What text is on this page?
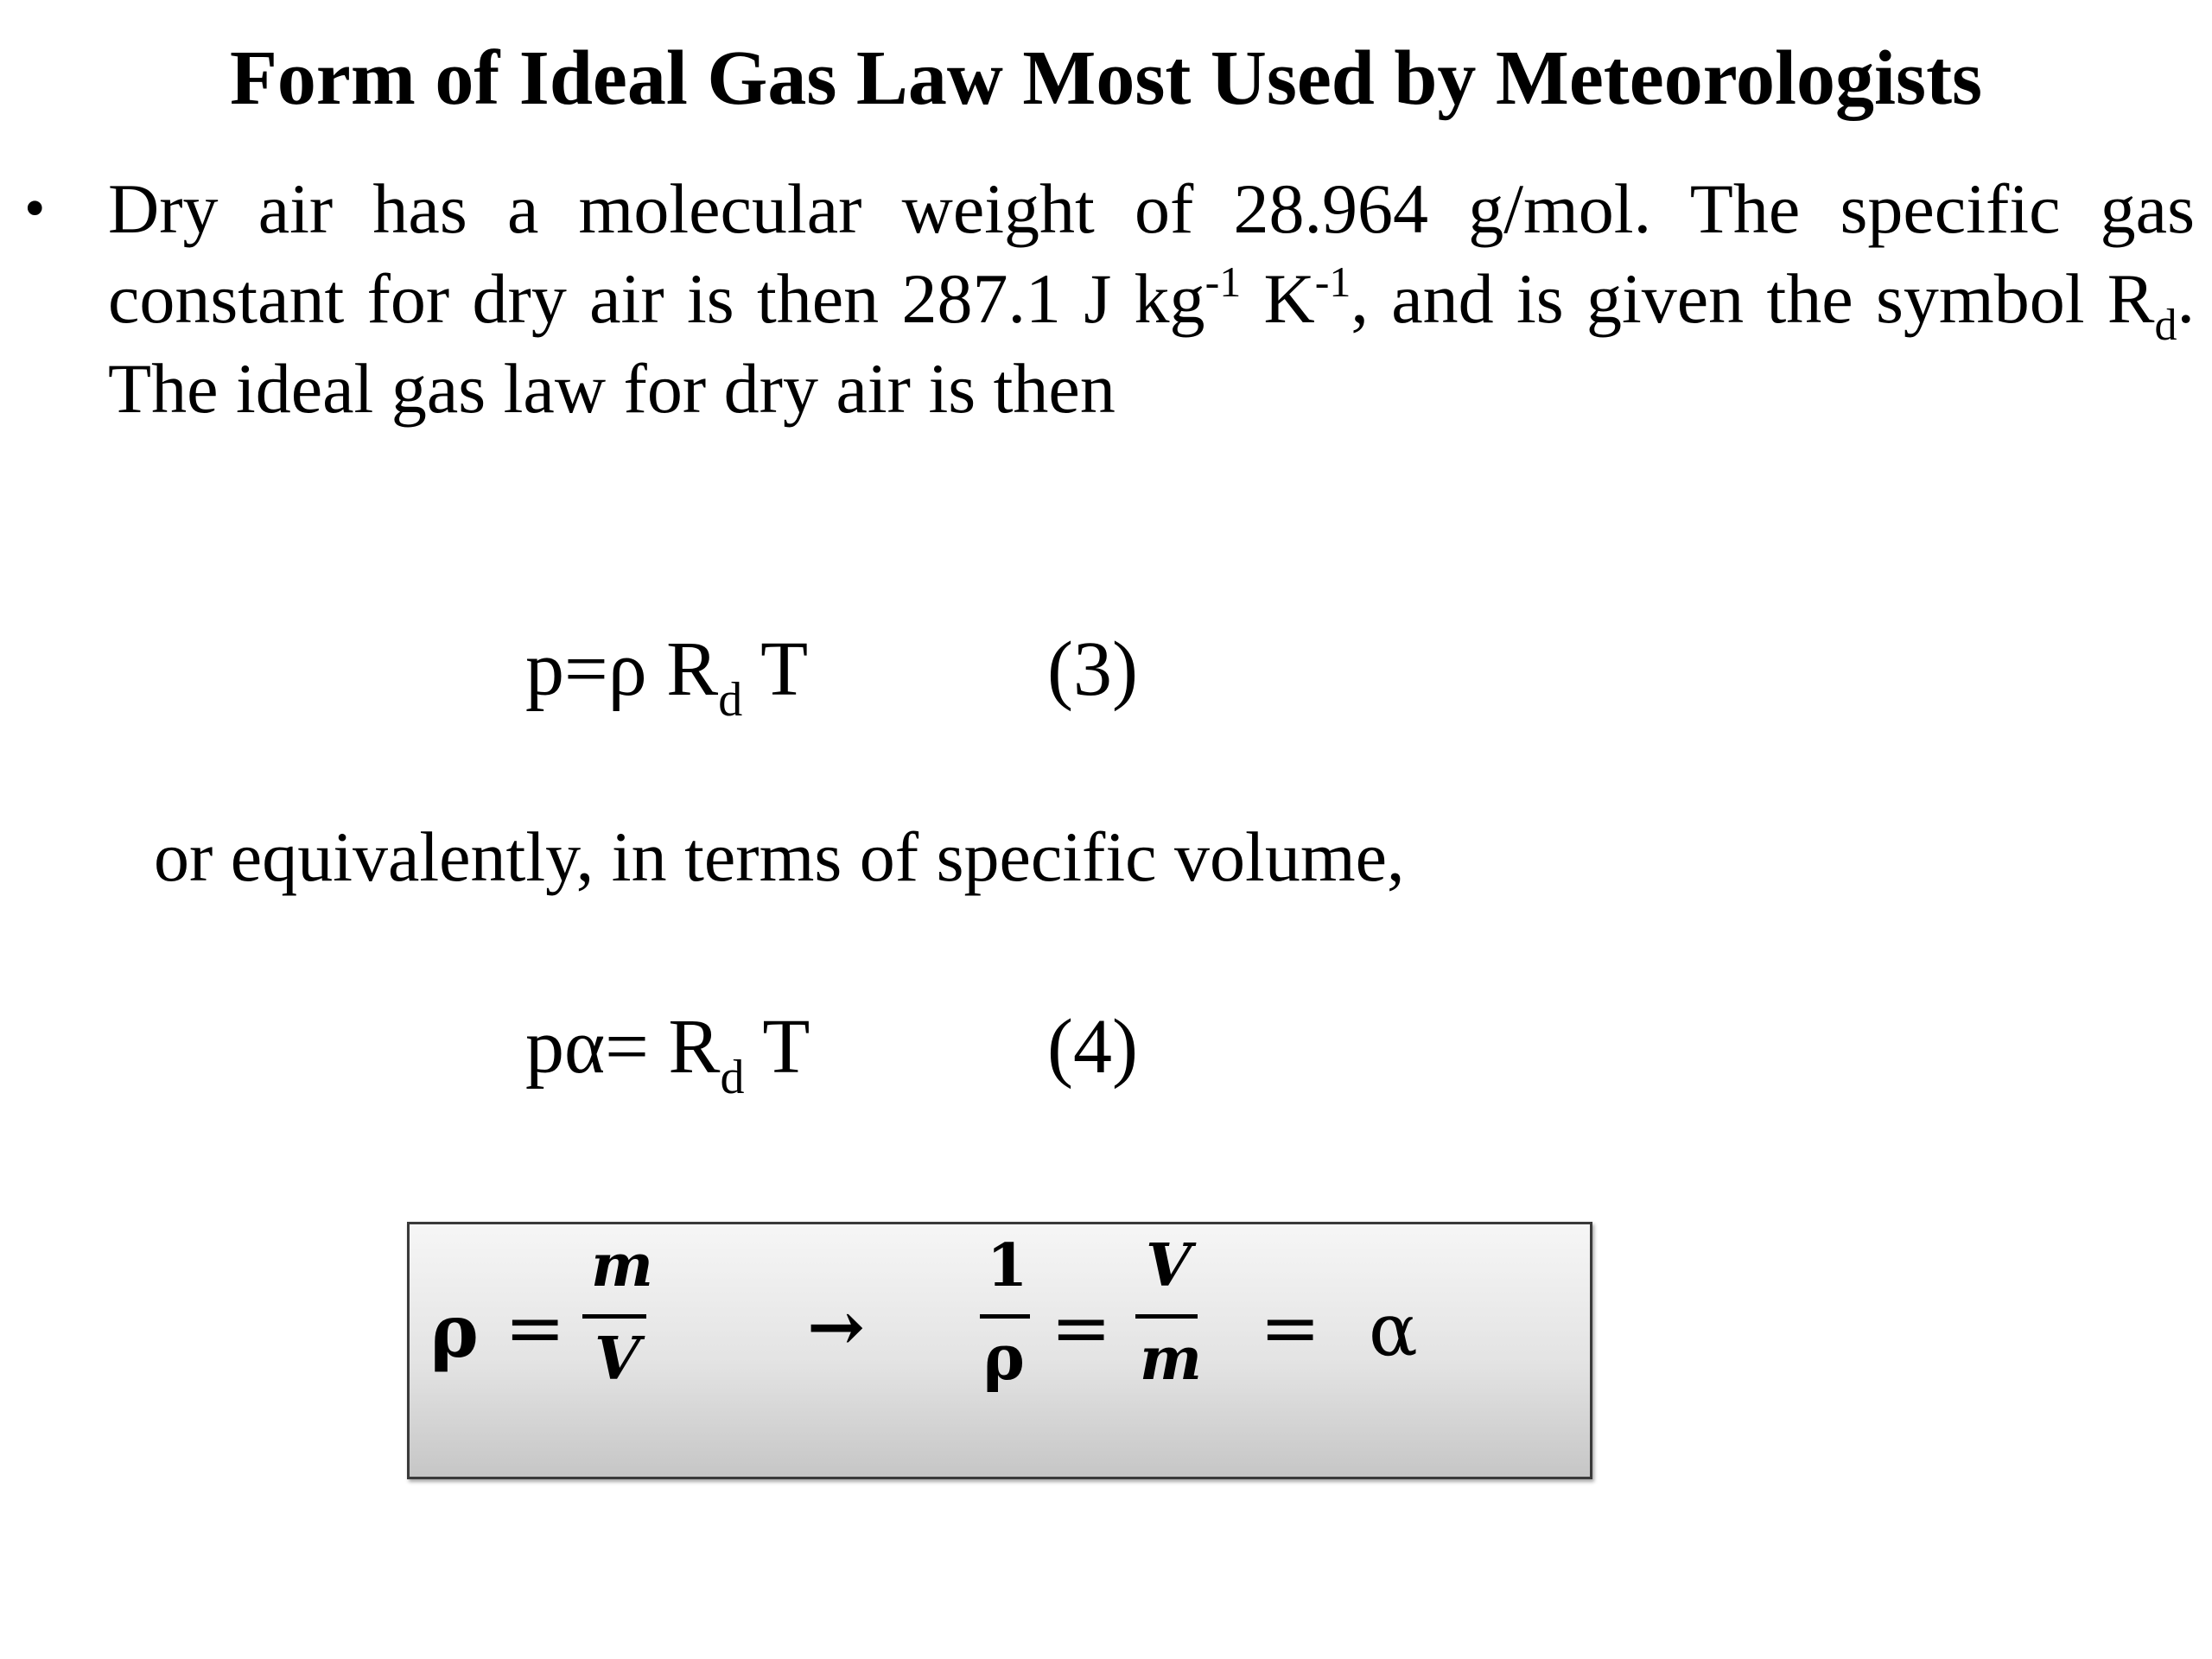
Form of Ideal Gas Law Most Used by Meteorologists
• Dry air has a molecular weight of 28.964 g/mol. The specific gas constant for dry air is then 287.1 J $kg^{-1}$ $K^{-1}$, and is given the symbol $R_d$. The ideal gas law for dry air is then
p=ρ $R_d$ T	(3)
or equivalently, in terms of specific volume,
$p\alpha= R_d$ T	(4)
ρ =
m
V →
1
ρ =
V
m = α
